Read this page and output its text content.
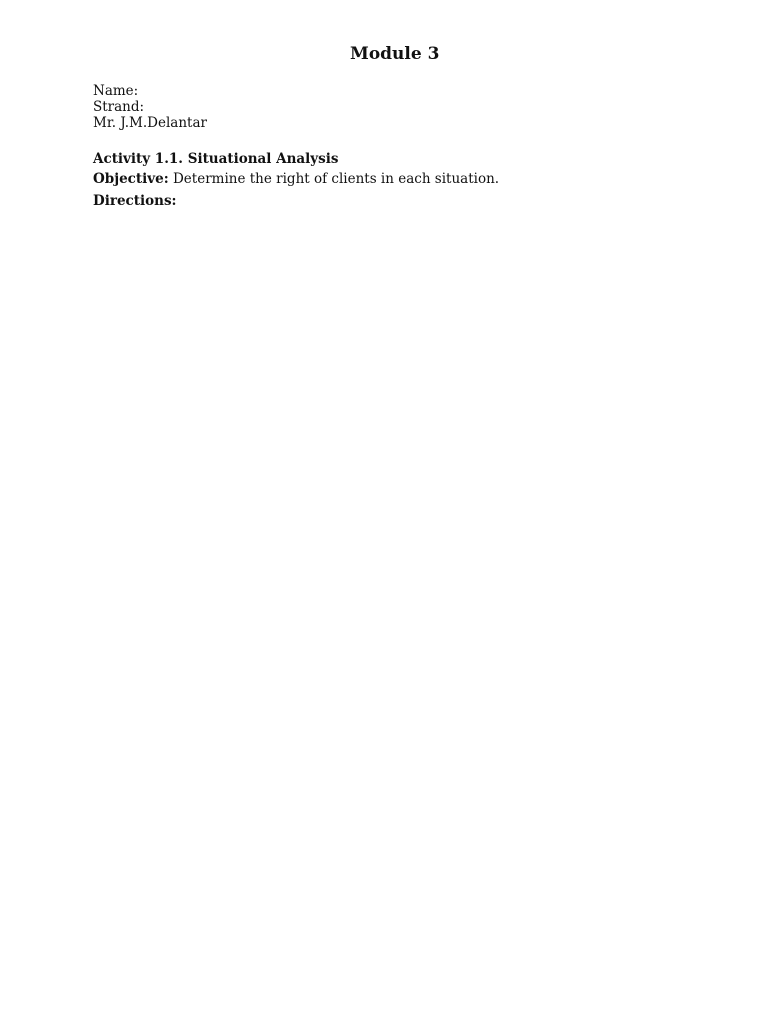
Module 3
Name:
Strand:
Mr. J.M.Delantar
Activity 1.1. Situational Analysis
Objective: Determine the right of clients in each situation.
Directions:
